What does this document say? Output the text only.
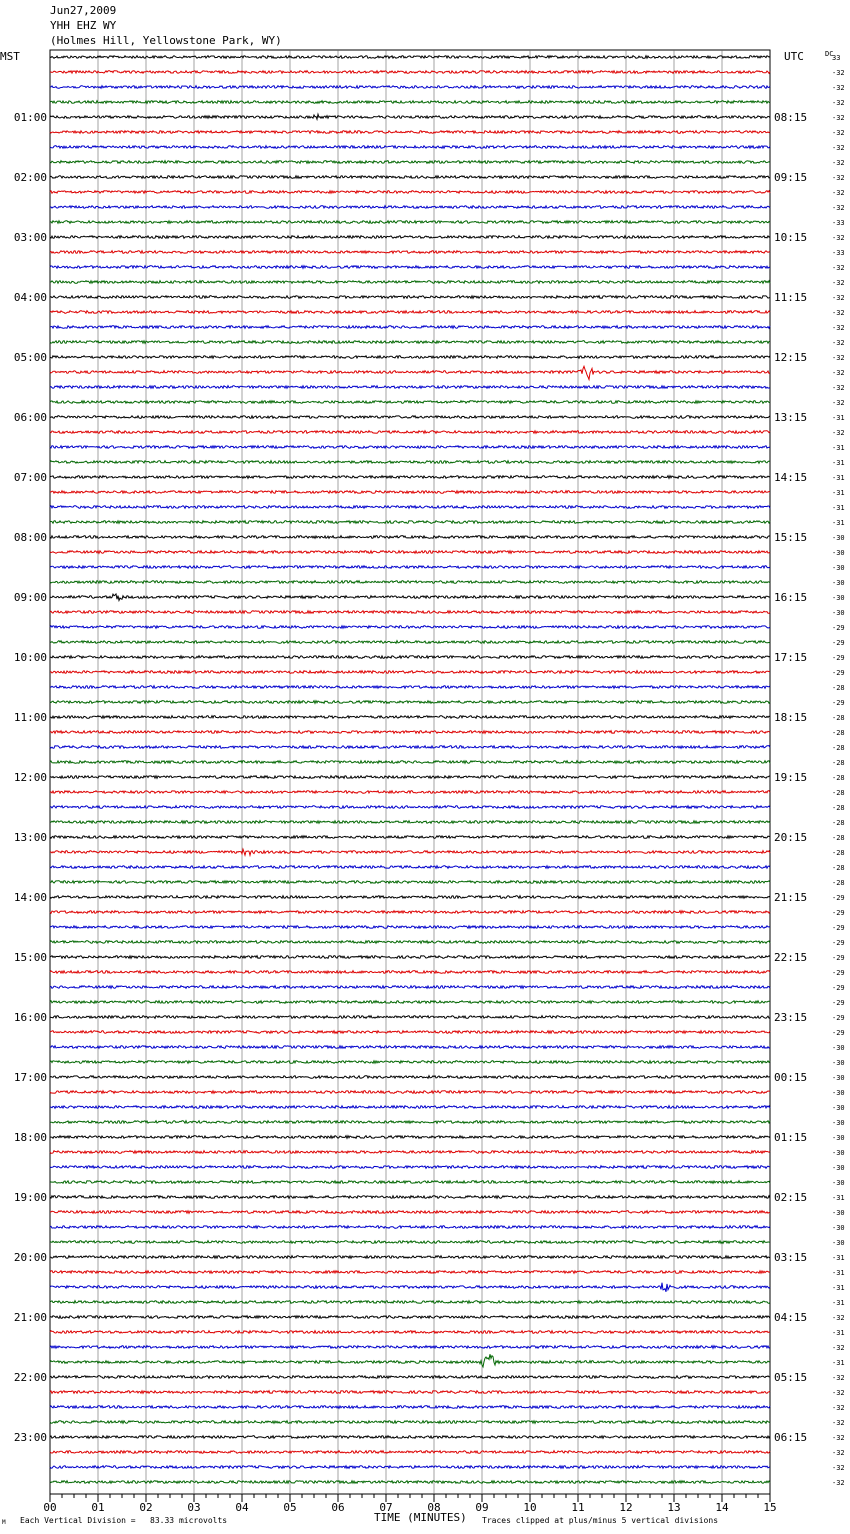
Jun27,2009
YHH EHZ WY
(Holmes Hill, Yellowstone Park, WY)
MST	UTC
01:00
02:00
03:00
04:00
05:00
06:00
07:00
08:00
09:00
10:00
11:00
12:00
13:00
14:00
15:00
16:00
17:00
18:00
19:00
20:00
21:00
22:00
23:00
08:15
09:15
10:15
11:15
12:15
13:15
14:15
15:15
16:15
17:15
18:15
19:15
20:15
21:15
22:15
23:15
00:15
01:15
02:15
03:15
04:15
05:15
06:15
DC
33
-32
-32
-32
-32
-32
-32
-32
-32
-32
-32
-33
-32
-33
-32
-32
-32
-32
-32
-32
-32
-32
-32
-32
-31
-32
-31
-31
-31
-31
-31
-31
-30
-30
-30
-30
-30
-30
-29
-29
-29
-29
-28
-29
-28
-28
-28
-28
-28
-28
-28
-28
-28
-28
-28
-28
-29
-29
-29
-29
-29
-29
-29
-29
-29
-29
-30
-30
-30
-30
-30
-30
-30
-30
-30
-30
-31
-30
-30
-30
-31
-31
-31
-31
-32
-31
-32
-31
-32
-32
-32
-32
-32
-32
-32
-32
00	01	02	03	04	05	06	07	08	09	10	11	12	13	14	15
M Each Vertical Division =   83.33 microvolts	TIME (MINUTES) Traces clipped at plus/minus 5 vertical divisions
